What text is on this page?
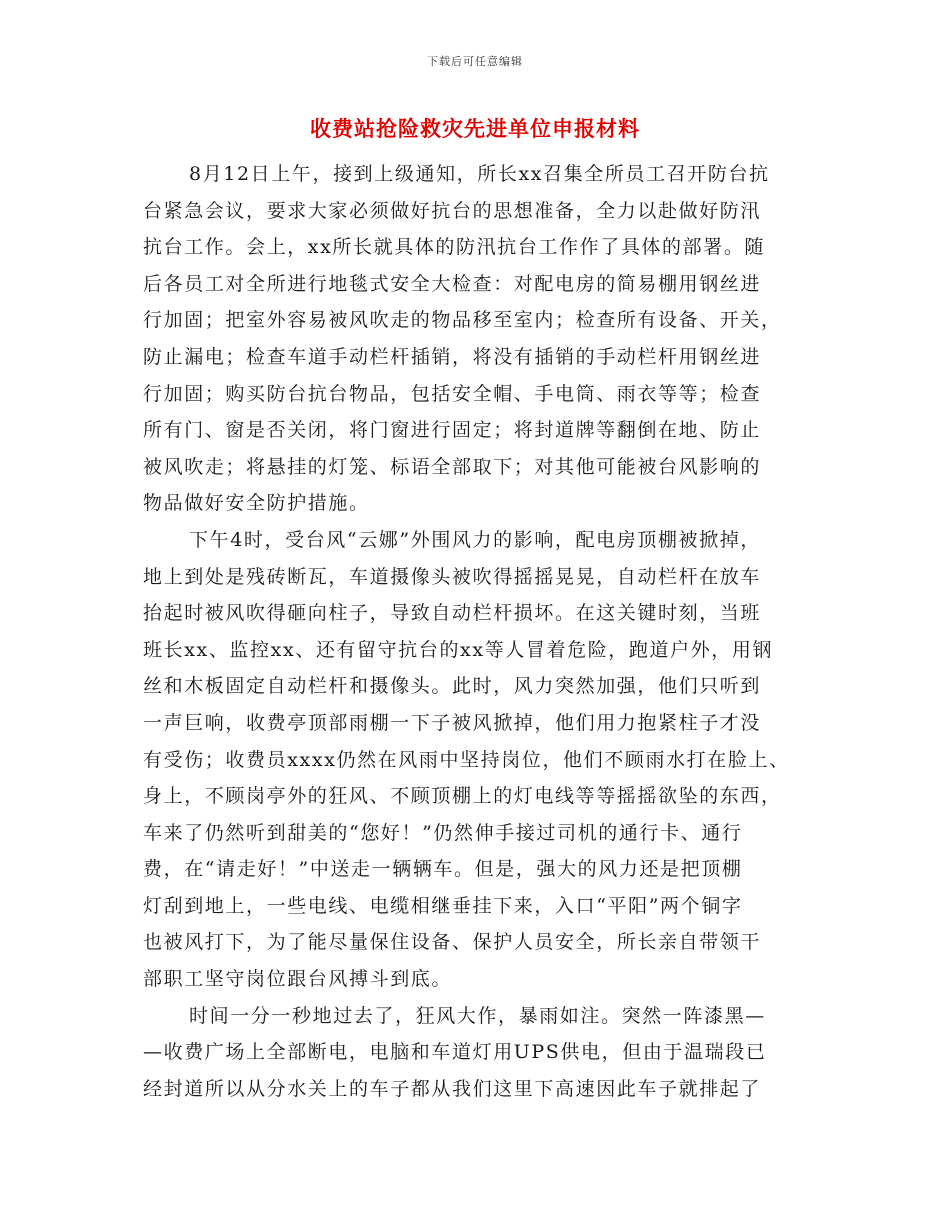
下载后可任意编辑
收费站抢险救灾先进单位申报材料
8月12日上午，接到上级通知，所长xx召集全所员工召开防台抗
台紧急会议，要求大家必须做好抗台的思想准备，全力以赴做好防汛
抗台工作。会上，xx所长就具体的防汛抗台工作作了具体的部署。随
后各员工对全所进行地毯式安全大检查：对配电房的简易棚用钢丝进
行加固；把室外容易被风吹走的物品移至室内；检查所有设备、开关，
防止漏电；检查车道手动栏杆插销，将没有插销的手动栏杆用钢丝进
行加固；购买防台抗台物品，包括安全帽、手电筒、雨衣等等；检查
所有门、窗是否关闭，将门窗进行固定；将封道牌等翻倒在地、防止
被风吹走；将悬挂的灯笼、标语全部取下；对其他可能被台风影响的
物品做好安全防护措施。
下午4时，受台风“云娜”外围风力的影响，配电房顶棚被掀掉，
地上到处是残砖断瓦，车道摄像头被吹得摇摇晃晃，自动栏杆在放车
抬起时被风吹得砸向柱子，导致自动栏杆损坏。在这关键时刻，当班
班长xx、监控xx、还有留守抗台的xx等人冒着危险，跑道户外，用钢
丝和木板固定自动栏杆和摄像头。此时，风力突然加强，他们只听到
一声巨响，收费亭顶部雨棚一下子被风掀掉，他们用力抱紧柱子才没
有受伤；收费员xxxx仍然在风雨中坚持岗位，他们不顾雨水打在脸上、
身上，不顾岗亭外的狂风、不顾顶棚上的灯电线等等摇摇欲坠的东西，
车来了仍然听到甜美的“您好！”仍然伸手接过司机的通行卡、通行
费，在“请走好！”中送走一辆辆车。但是，强大的风力还是把顶棚
灯刮到地上，一些电线、电缆相继垂挂下来，入口“平阳”两个铜字
也被风打下，为了能尽量保住设备、保护人员安全，所长亲自带领干
部职工坚守岗位跟台风搏斗到底。
时间一分一秒地过去了，狂风大作，暴雨如注。突然一阵漆黑—
—收费广场上全部断电，电脑和车道灯用UPS供电，但由于温瑞段已
经封道所以从分水关上的车子都从我们这里下高速因此车子就排起了
